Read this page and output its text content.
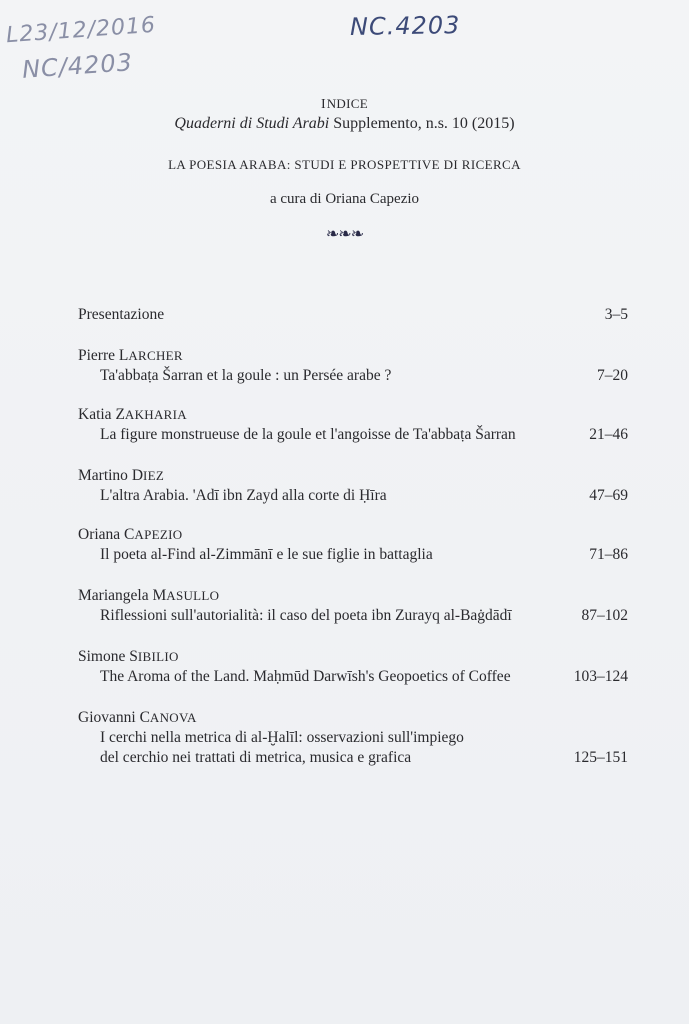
L23/12/2016
NC/4203
NC.4203
INDICE
Quaderni di Studi Arabi Supplemento, n.s. 10 (2015)
LA POESIA ARABA: STUDI E PROSPETTIVE DI RICERCA
a cura di Oriana Capezio
❧❧❧
Presentazione	3–5
Pierre LARCHER
Ta'abbaṭa Šarran et la goule : un Persée arabe ?	7–20
Katia ZAKHARIA
La figure monstrueuse de la goule et l'angoisse de Ta'abbaṭa Šarran	21–46
Martino DIEZ
L'altra Arabia. 'Adī ibn Zayd alla corte di Ḥīra	47–69
Oriana CAPEZIO
Il poeta al-Find al-Zimmānī e le sue figlie in battaglia	71–86
Mariangela MASULLO
Riflessioni sull'autorialità: il caso del poeta ibn Zurayq al-Baġdādī	87–102
Simone SIBILIO
The Aroma of the Land. Maḥmūd Darwīsh's Geopoetics of Coffee	103–124
Giovanni CANOVA
I cerchi nella metrica di al-Ḫalīl: osservazioni sull'impiego
del cerchio nei trattati di metrica, musica e grafica	125–151
